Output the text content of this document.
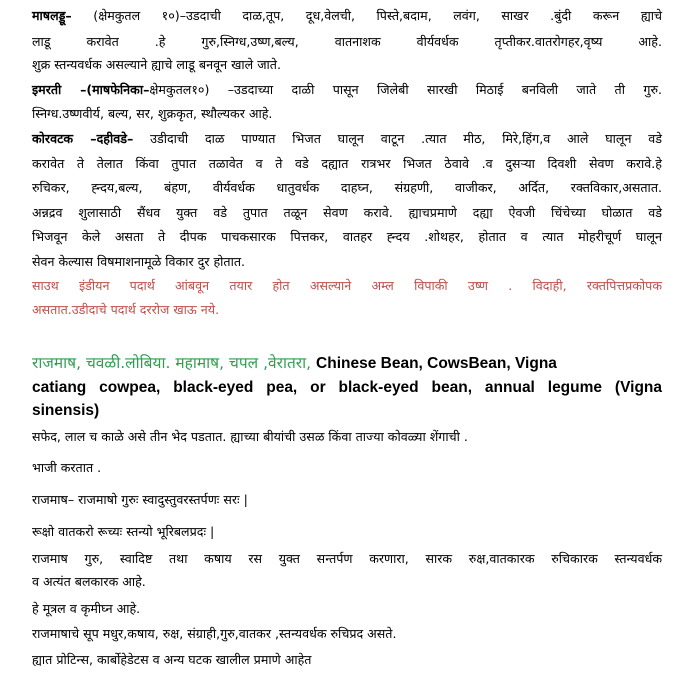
माषलड्डू– (क्षेमकुतल १०)–उडदाची दाळ,तूप, दूध,वेलची, पिस्ते,बदाम, लवंग, साखर .बुंदी करून ह्याचे
लाडू करावेत .हे गुरु,स्निग्ध,उष्ण,बल्य, वातनाशक वीर्यवर्धक तृप्तीकर.वातरोगहर,वृष्य आहे.
शुक्र स्तन्यवर्धक असल्याने ह्याचे लाडू बनवून खाले जाते.
इमरती –(माषफेनिका–क्षेमकुतल१०) –उडदाच्या दाळी पासून जिलेबी सारखी मिठाई बनविली जाते ती गुरु.
स्निग्ध.उष्णवीर्य, बल्य, सर, शुक्रकृत, स्थौल्यकर आहे.
कोरवटक –दहीवडे– उडीदाची दाळ पाण्यात भिजत घालून वाटून .त्यात मीठ, मिरे,हिंग,व आले घालून वडे
करावेत ते तेलात किंवा तुपात तळावेत व ते वडे दह्यात रात्रभर भिजत ठेवावे .व दुसऱ्या दिवशी सेवण करावे.हे
रुचिकर, ह्न्दय,बल्य, बंहण, वीर्यवर्धक धातुवर्धक दाहघ्न, संग्रहणी, वाजीकर, अर्दित, रक्तविकार,असतात.
अन्नद्रव शुलासाठी सैंधव युक्त वडे तुपात तळून सेवण करावे. ह्याचप्रमाणे दह्या ऐवजी चिंचेच्या घोळात वडे
भिजवून केले असता ते दीपक पाचकसारक पित्तकर, वातहर ह्न्दय .शोथहर, होतात व त्यात मोहरीचूर्ण घालून
सेवन केल्यास विषमाशनामूळे विकार दुर होतात.
साउथ इंडीयन पदार्थ आंबवून तयार होत असल्याने अम्ल विपाकी उष्ण . विदाही, रक्तपित्तप्रकोपक
असतात.उडीदाचे पदार्थ दररोज खाऊ नये.
राजमाष, चवळी.लोबिया. महामाष, चपल ,वेरातरा, Chinese Bean, CowsBean, Vigna
catiang cowpea, black-eyed pea, or black-eyed bean, annual legume (Vigna
sinensis)
सफेद, लाल च काळे असे तीन भेद पडतात. ह्याच्या बीयांची उसळ किंवा ताज्या कोवळ्या शेंगाची .
भाजी करतात .
राजमाष– राजमाषो गुरुः स्वादुस्तुवरस्तर्पणः सरः |
रूक्षो वातकरो रूच्यः स्तन्यो भूरिबलप्रदः |
राजमाष गुरु, स्वादिष्ट तथा कषाय रस युक्त सन्तर्पण करणारा, सारक रुक्ष,वातकारक रुचिकारक स्तन्यवर्धक
व अत्यंत बलकारक आहे.
हे मूत्रल व कृमीघ्न आहे.
राजमाषाचे सूप मधुर,कषाय, रुक्ष, संग्राही,गुरु,वातकर ,स्तन्यवर्धक रुचिप्रद असते.
ह्यात प्रोटिन्स, कार्बोहेडेटस व अन्य घटक खालील प्रमाणे आहेत
